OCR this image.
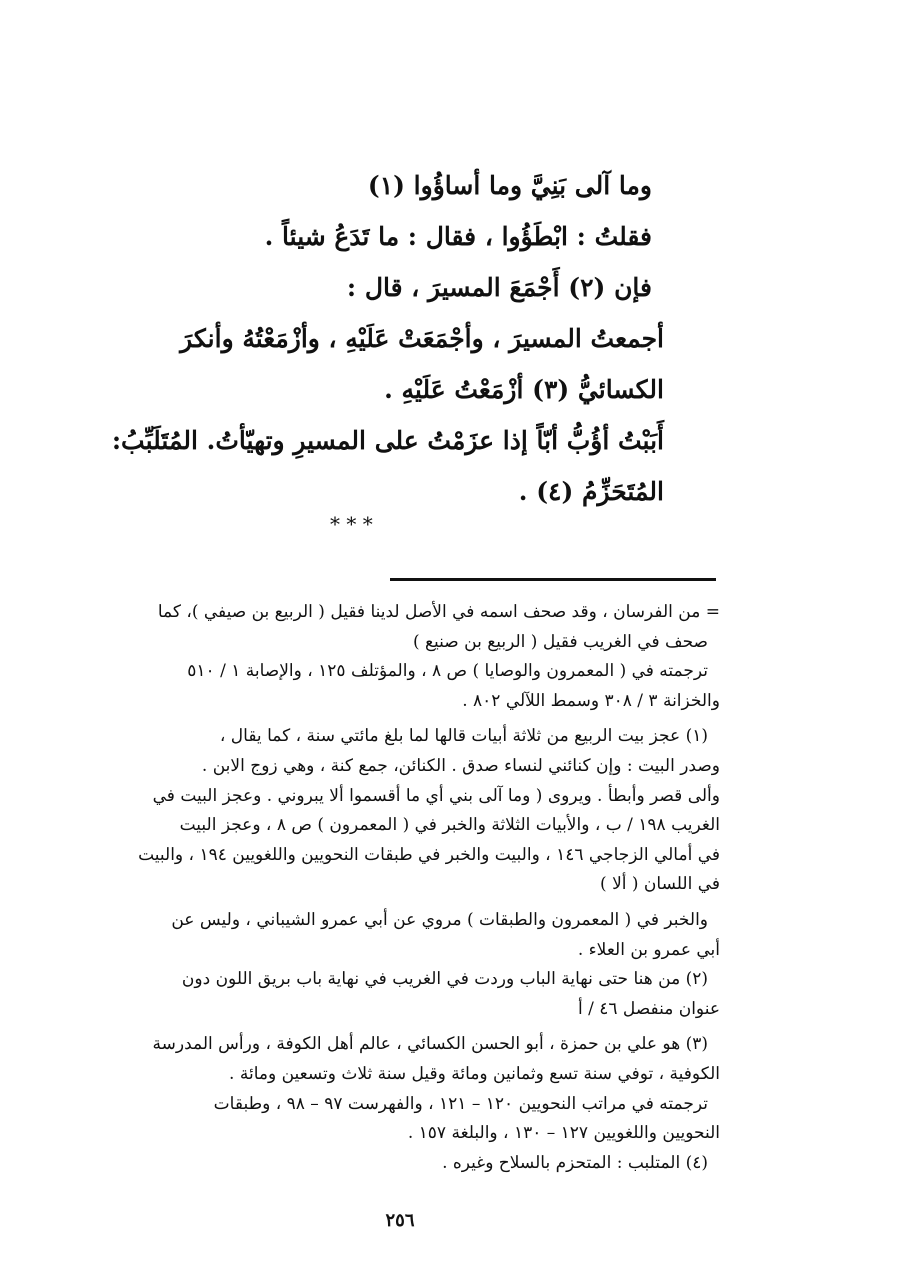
وما آلى بَنِيَّ وما أساؤُوا (١)
فقلتُ : ابْطَؤُوا ، فقال : ما تَدَعُ شيئاً .
فإن (٢) أَجْمَعَ المسيرَ ، قال :
أجمعتُ المسيرَ ، وأجْمَعَتْ عَلَيْهِ ، وأزْمَعْتُهُ وأنكرَ
الكسائيُّ (٣) أزْمَعْتُ عَلَيْهِ .
أَبَبْتُ أؤُبُّ أبّاً إذا عزَمْتُ على المسيرِ وتهيّأتُ. المُتَلَبِّبُ:
المُتَحَزِّمُ (٤) .
* * *
= من الفرسان ، وقد صحف اسمه في الأصل لدينا فقيل ( الربيع بن صيفي )، كما
صحف في الغريب فقيل ( الربيع بن صنيع )
ترجمته في ( المعمرون والوصايا ) ص ٨ ، والمؤتلف ١٢٥ ، والإصابة ١ / ٥١٠
والخزانة ٣ / ٣٠٨ وسمط اللآلي ٨٠٢ .
(١) عجز بيت الربيع من ثلاثة أبيات قالها لما بلغ مائتي سنة ، كما يقال ،
وصدر البيت : وإن كنائني لنساء صدق . الكنائن، جمع كنة ، وهي زوج الابن .
وألى قصر وأبطأ . ويروى ( وما آلى بني أي ما أقسموا ألا يبروني . وعجز البيت في
الغريب ١٩٨ / ب ، والأبيات الثلاثة والخبر في ( المعمرون ) ص ٨ ، وعجز البيت
في أمالي الزجاجي ١٤٦ ، والبيت والخبر في طبقات النحويين واللغويين ١٩٤ ، والبيت
في اللسان ( ألا )
والخبر في ( المعمرون والطبقات ) مروي عن أبي عمرو الشيباني ، وليس عن
أبي عمرو بن العلاء .
(٢) من هنا حتى نهاية الباب وردت في الغريب في نهاية باب بريق اللون دون
عنوان منفصل ٤٦ / أ
(٣) هو علي بن حمزة ، أبو الحسن الكسائي ، عالم أهل الكوفة ، ورأس المدرسة
الكوفية ، توفي سنة تسع وثمانين ومائة وقيل سنة ثلاث وتسعين ومائة .
ترجمته في مراتب النحويين ١٢٠ – ١٢١ ، والفهرست ٩٧ – ٩٨ ، وطبقات
النحويين واللغويين ١٢٧ – ١٣٠ ، والبلغة ١٥٧ .
(٤) المتلبب : المتحزم بالسلاح وغيره .
٢٥٦
